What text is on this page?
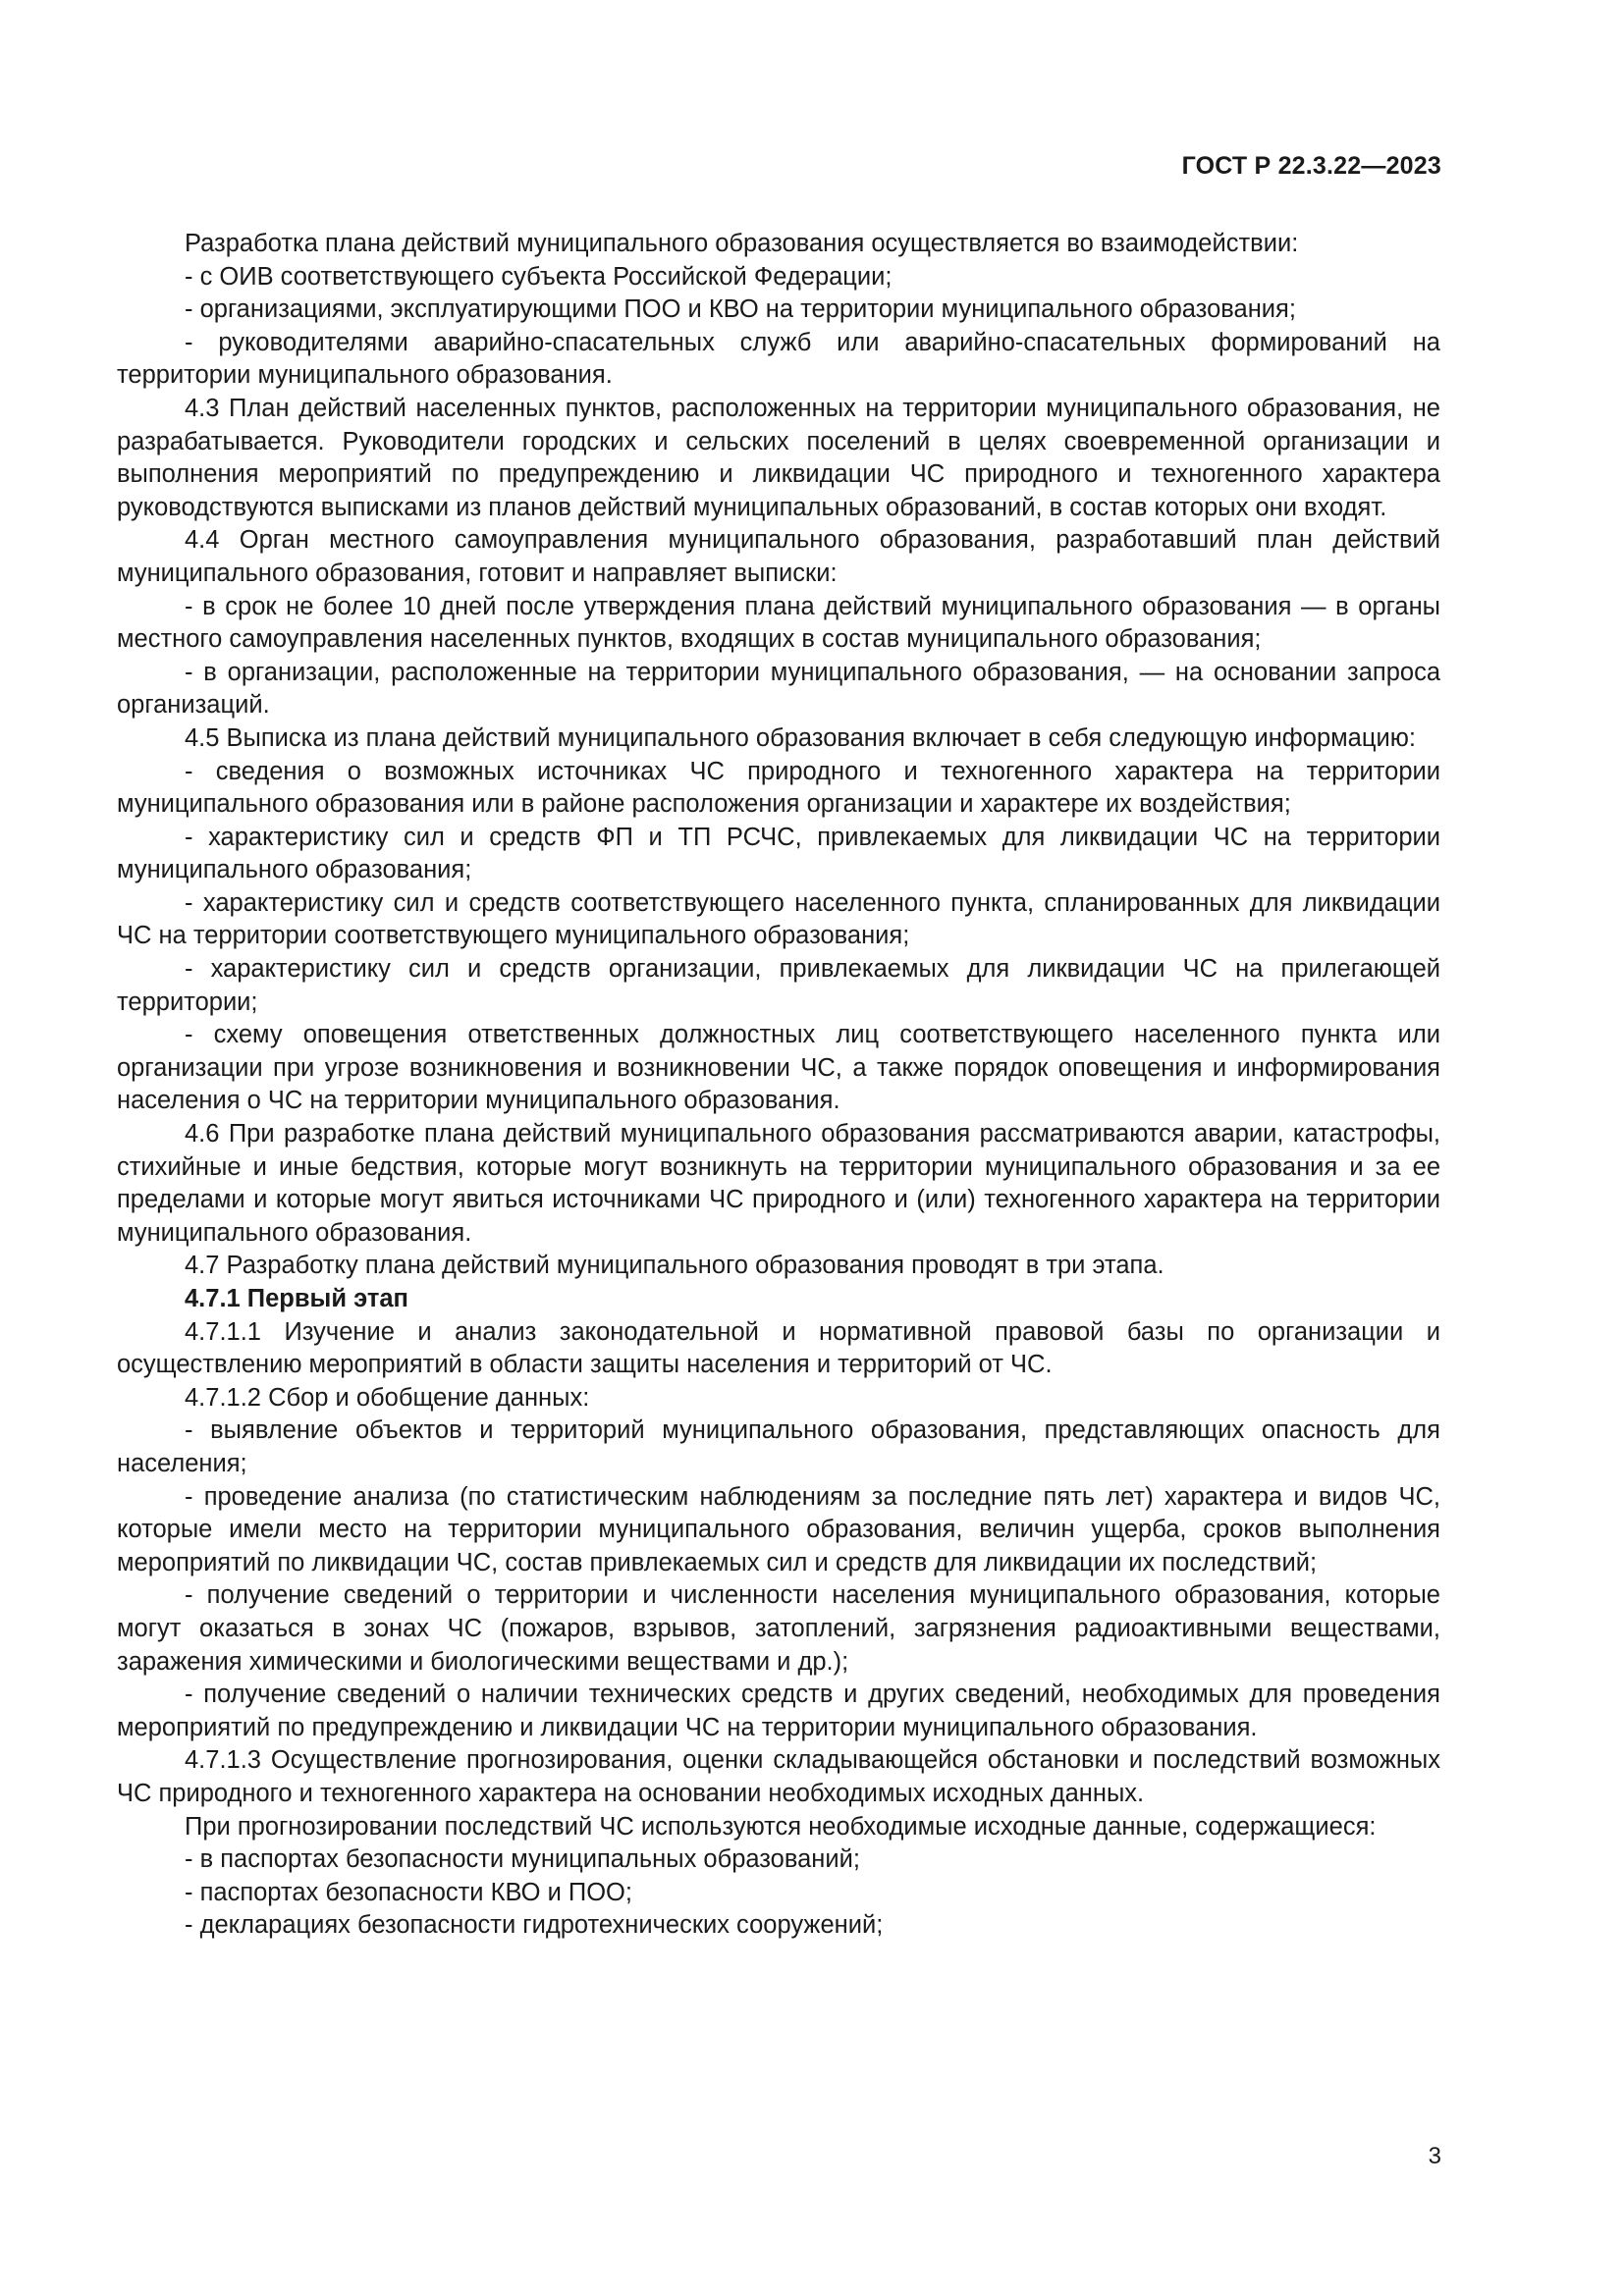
ГОСТ Р 22.3.22—2023

Разработка плана действий муниципального образования осуществляется во взаимодействии:

- с ОИВ соответствующего субъекта Российской Федерации;

- организациями, эксплуатирующими ПОО и КВО на территории муниципального образования;

- руководителями аварийно-спасательных служб или аварийно-спасательных формирований на территории муниципального образования.

4.3 План действий населенных пунктов, расположенных на территории муниципального образования, не разрабатывается. Руководители городских и сельских поселений в целях своевременной организации и выполнения мероприятий по предупреждению и ликвидации ЧС природного и техногенного характера руководствуются выписками из планов действий муниципальных образований, в состав которых они входят.

4.4 Орган местного самоуправления муниципального образования, разработавший план действий муниципального образования, готовит и направляет выписки:

- в срок не более 10 дней после утверждения плана действий муниципального образования — в органы местного самоуправления населенных пунктов, входящих в состав муниципального образования;

- в организации, расположенные на территории муниципального образования, — на основании запроса организаций.

4.5 Выписка из плана действий муниципального образования включает в себя следующую информацию:

- сведения о возможных источниках ЧС природного и техногенного характера на территории муниципального образования или в районе расположения организации и характере их воздействия;

- характеристику сил и средств ФП и ТП РСЧС, привлекаемых для ликвидации ЧС на территории муниципального образования;

- характеристику сил и средств соответствующего населенного пункта, спланированных для ликвидации ЧС на территории соответствующего муниципального образования;

- характеристику сил и средств организации, привлекаемых для ликвидации ЧС на прилегающей территории;

- схему оповещения ответственных должностных лиц соответствующего населенного пункта или организации при угрозе возникновения и возникновении ЧС, а также порядок оповещения и информирования населения о ЧС на территории муниципального образования.

4.6 При разработке плана действий муниципального образования рассматриваются аварии, катастрофы, стихийные и иные бедствия, которые могут возникнуть на территории муниципального образования и за ее пределами и которые могут явиться источниками ЧС природного и (или) техногенного характера на территории муниципального образования.

4.7 Разработку плана действий муниципального образования проводят в три этапа.

4.7.1 Первый этап

4.7.1.1 Изучение и анализ законодательной и нормативной правовой базы по организации и осуществлению мероприятий в области защиты населения и территорий от ЧС.

4.7.1.2 Сбор и обобщение данных:

- выявление объектов и территорий муниципального образования, представляющих опасность для населения;

- проведение анализа (по статистическим наблюдениям за последние пять лет) характера и видов ЧС, которые имели место на территории муниципального образования, величин ущерба, сроков выполнения мероприятий по ликвидации ЧС, состав привлекаемых сил и средств для ликвидации их последствий;

- получение сведений о территории и численности населения муниципального образования, которые могут оказаться в зонах ЧС (пожаров, взрывов, затоплений, загрязнения радиоактивными веществами, заражения химическими и биологическими веществами и др.);

- получение сведений о наличии технических средств и других сведений, необходимых для проведения мероприятий по предупреждению и ликвидации ЧС на территории муниципального образования.

4.7.1.3 Осуществление прогнозирования, оценки складывающейся обстановки и последствий возможных ЧС природного и техногенного характера на основании необходимых исходных данных.

При прогнозировании последствий ЧС используются необходимые исходные данные, содержащиеся:

- в паспортах безопасности муниципальных образований;

- паспортах безопасности КВО и ПОО;

- декларациях безопасности гидротехнических сооружений;

3
